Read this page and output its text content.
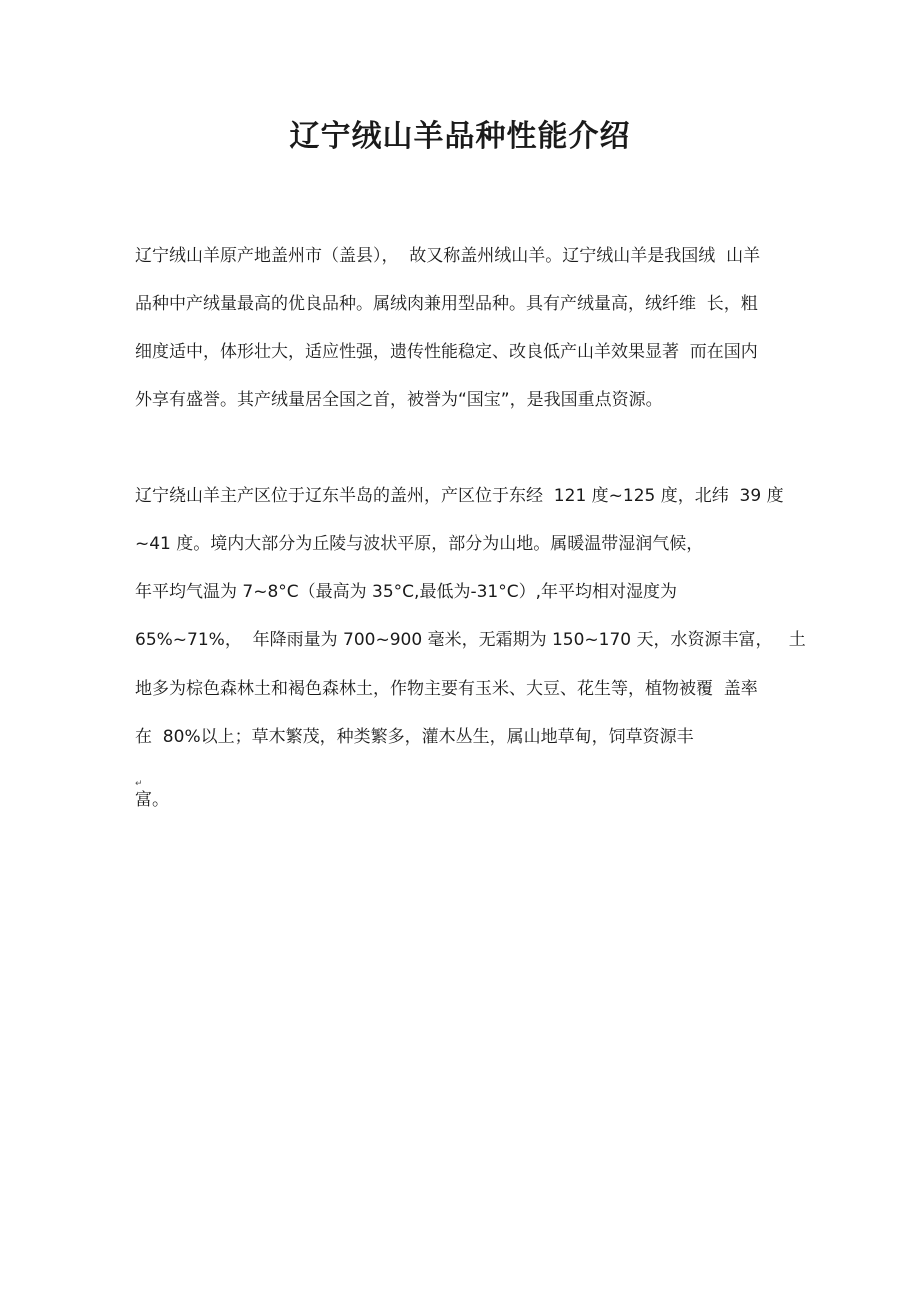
辽宁绒山羊品种性能介绍
辽宁绒山羊原产地盖州市（盖县），  故又称盖州绒山羊。辽宁绒山羊是我国绒  山羊
品种中产绒量最高的优良品种。属绒肉兼用型品种。具有产绒量高，绒纤维  长，粗
细度适中，体形壮大，适应性强，遗传性能稳定、改良低产山羊效果显著  而在国内
外享有盛誉。其产绒量居全国之首，被誉为“国宝”，是我国重点资源。
辽宁绕山羊主产区位于辽东半岛的盖州，产区位于东经  121 度~125 度，北纬  39 度
~41 度。境内大部分为丘陵与波状平原，部分为山地。属暖温带湿润气候，
年平均气温为 7~8°C（最高为 35°C,最低为-31°C）,年平均相对湿度为
65%~71%，  年降雨量为 700~900 毫米，无霜期为 150~170 天，水资源丰富，   土
地多为棕色森林土和褐色森林土，作物主要有玉米、大豆、花生等，植物被覆  盖率
在  80%以上；草木繁茂，种类繁多，灌木丛生，属山地草甸，饲草资源丰
↵
富。
